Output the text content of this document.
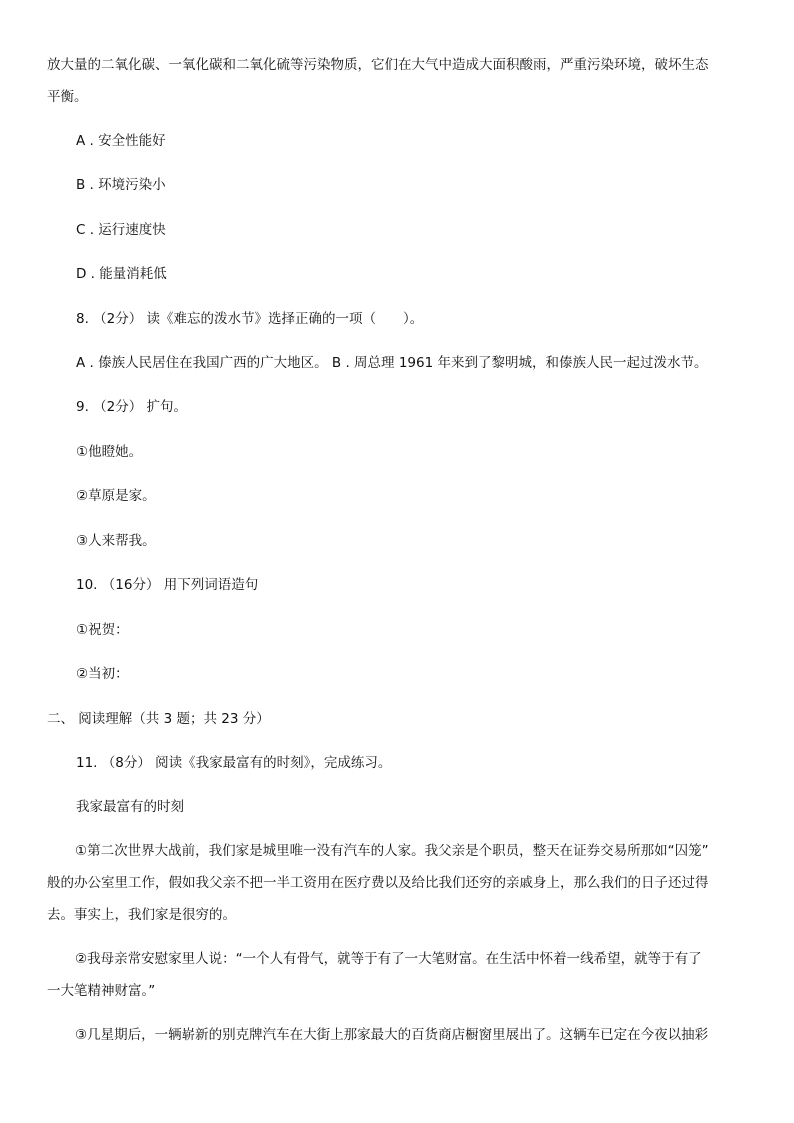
放大量的二氧化碳、一氧化碳和二氧化硫等污染物质，它们在大气中造成大面积酸雨，严重污染环境，破坏生态
平衡。
A . 安全性能好
B . 环境污染小
C . 运行速度快
D . 能量消耗低
8. （2分） 读《难忘的泼水节》选择正确的一项（　　）。
A . 傣族人民居住在我国广西的广大地区。 B . 周总理 1961 年来到了黎明城，和傣族人民一起过泼水节。
9. （2分） 扩句。
①他瞪她。
②草原是家。
③人来帮我。
10. （16分） 用下列词语造句
①祝贺：
②当初：
二、 阅读理解（共 3 题；共 23 分）
11. （8分） 阅读《我家最富有的时刻》，完成练习。
我家最富有的时刻
①第二次世界大战前，我们家是城里唯一没有汽车的人家。我父亲是个职员，整天在证券交易所那如“囚笼”
般的办公室里工作，假如我父亲不把一半工资用在医疗费以及给比我们还穷的亲戚身上，那么我们的日子还过得
去。事实上，我们家是很穷的。
②我母亲常安慰家里人说：“一个人有骨气，就等于有了一大笔财富。在生活中怀着一线希望，就等于有了
一大笔精神财富。”
③几星期后，一辆崭新的别克牌汽车在大街上那家最大的百货商店橱窗里展出了。这辆车已定在今夜以抽彩
